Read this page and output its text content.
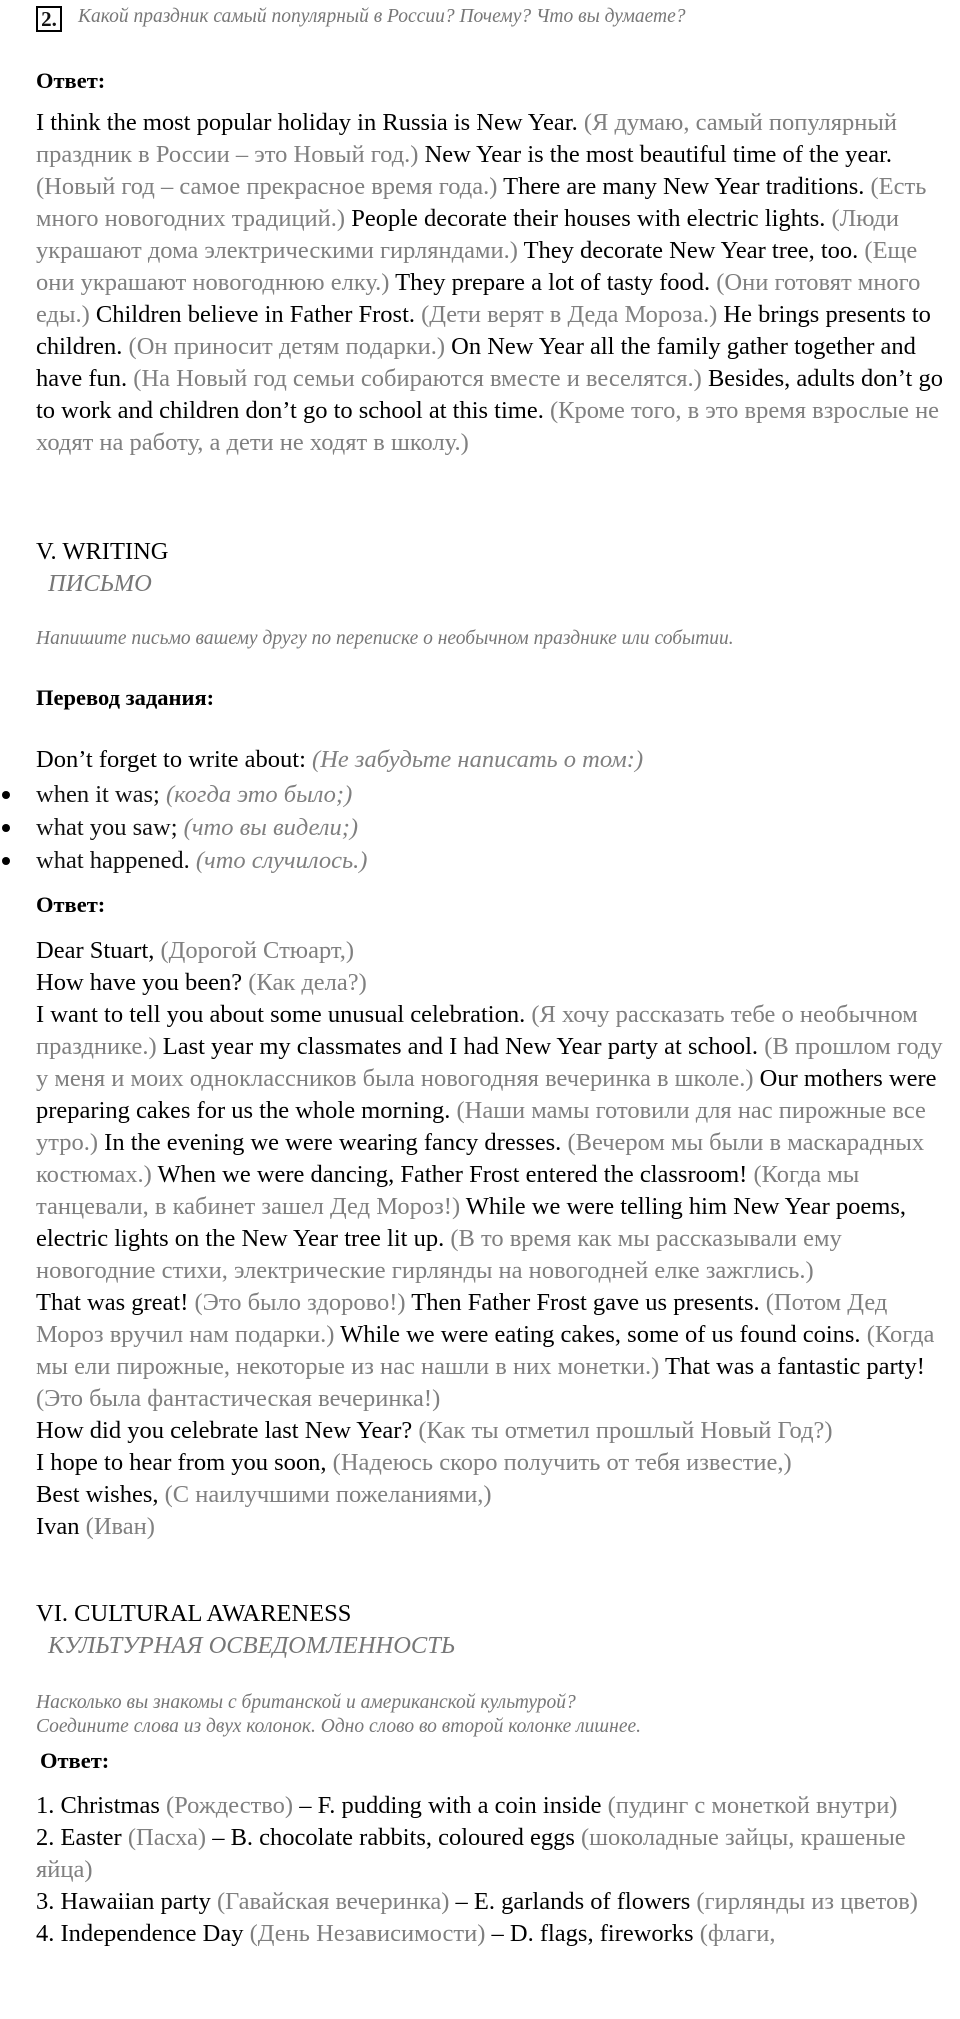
2. Какой праздник самый популярный в России? Почему? Что вы думаете?
Ответ:

I think the most popular holiday in Russia is New Year. (Я думаю, самый популярный праздник в России – это Новый год.) New Year is the most beautiful time of the year. (Новый год – самое прекрасное время года.) There are many New Year traditions. (Есть много новогодних традиций.) People decorate their houses with electric lights. (Люди украшают дома электрическими гирляндами.) They decorate New Year tree, too. (Еще они украшают новогоднюю елку.) They prepare a lot of tasty food. (Они готовят много еды.) Children believe in Father Frost. (Дети верят в Деда Мороза.) He brings presents to children. (Он приносит детям подарки.) On New Year all the family gather together and have fun. (На Новый год семьи собираются вместе и веселятся.) Besides, adults don’t go to work and children don’t go to school at this time. (Кроме того, в это время взрослые не ходят на работу, а дети не ходят в школу.)

V. WRITING
ПИСЬМО
Напишите письмо вашему другу по переписке о необычном празднике или событии.
Перевод задания:
Don’t forget to write about: (Не забудьте написать о том:)
when it was; (когда это было;)
what you saw; (что вы видели;)
what happened. (что случилось.)
Ответ:
Dear Stuart, (Дорогой Стюарт,)
How have you been? (Как дела?)
I want to tell you about some unusual celebration. (Я хочу рассказать тебе о необычном празднике.) Last year my classmates and I had New Year party at school. (В прошлом году у меня и моих одноклассников была новогодняя вечеринка в школе.) Our mothers were preparing cakes for us the whole morning. (Наши мамы готовили для нас пирожные все утро.) In the evening we were wearing fancy dresses. (Вечером мы были в маскарадных костюмах.) When we were dancing, Father Frost entered the classroom! (Когда мы танцевали, в кабинет зашел Дед Мороз!) While we were telling him New Year poems, electric lights on the New Year tree lit up. (В то время как мы рассказывали ему новогодние стихи, электрические гирлянды на новогодней елке зажглись.)
That was great! (Это было здорово!) Then Father Frost gave us presents. (Потом Дед Мороз вручил нам подарки.) While we were eating cakes, some of us found coins. (Когда мы ели пирожные, некоторые из нас нашли в них монетки.) That was a fantastic party! (Это была фантастическая вечеринка!)
How did you celebrate last New Year? (Как ты отметил прошлый Новый Год?)
I hope to hear from you soon, (Надеюсь скоро получить от тебя известие,)
Best wishes, (С наилучшими пожеланиями,)
Ivan (Иван)
VI. CULTURAL AWARENESS
КУЛЬТУРНАЯ ОСВЕДОМЛЕННОСТЬ
Насколько вы знакомы с британской и американской культурой?
Соедините слова из двух колонок. Одно слово во второй колонке лишнее.
Ответ:
1. Christmas (Рождество) – F. pudding with a coin inside (пудинг с монеткой внутри)
2. Easter (Пасха) – B. chocolate rabbits, coloured eggs (шоколадные зайцы, крашеные яйца)
3. Hawaiian party (Гавайская вечеринка) – E. garlands of flowers (гирлянды из цветов)
4. Independence Day (День Независимости) – D. flags, fireworks (флаги,
